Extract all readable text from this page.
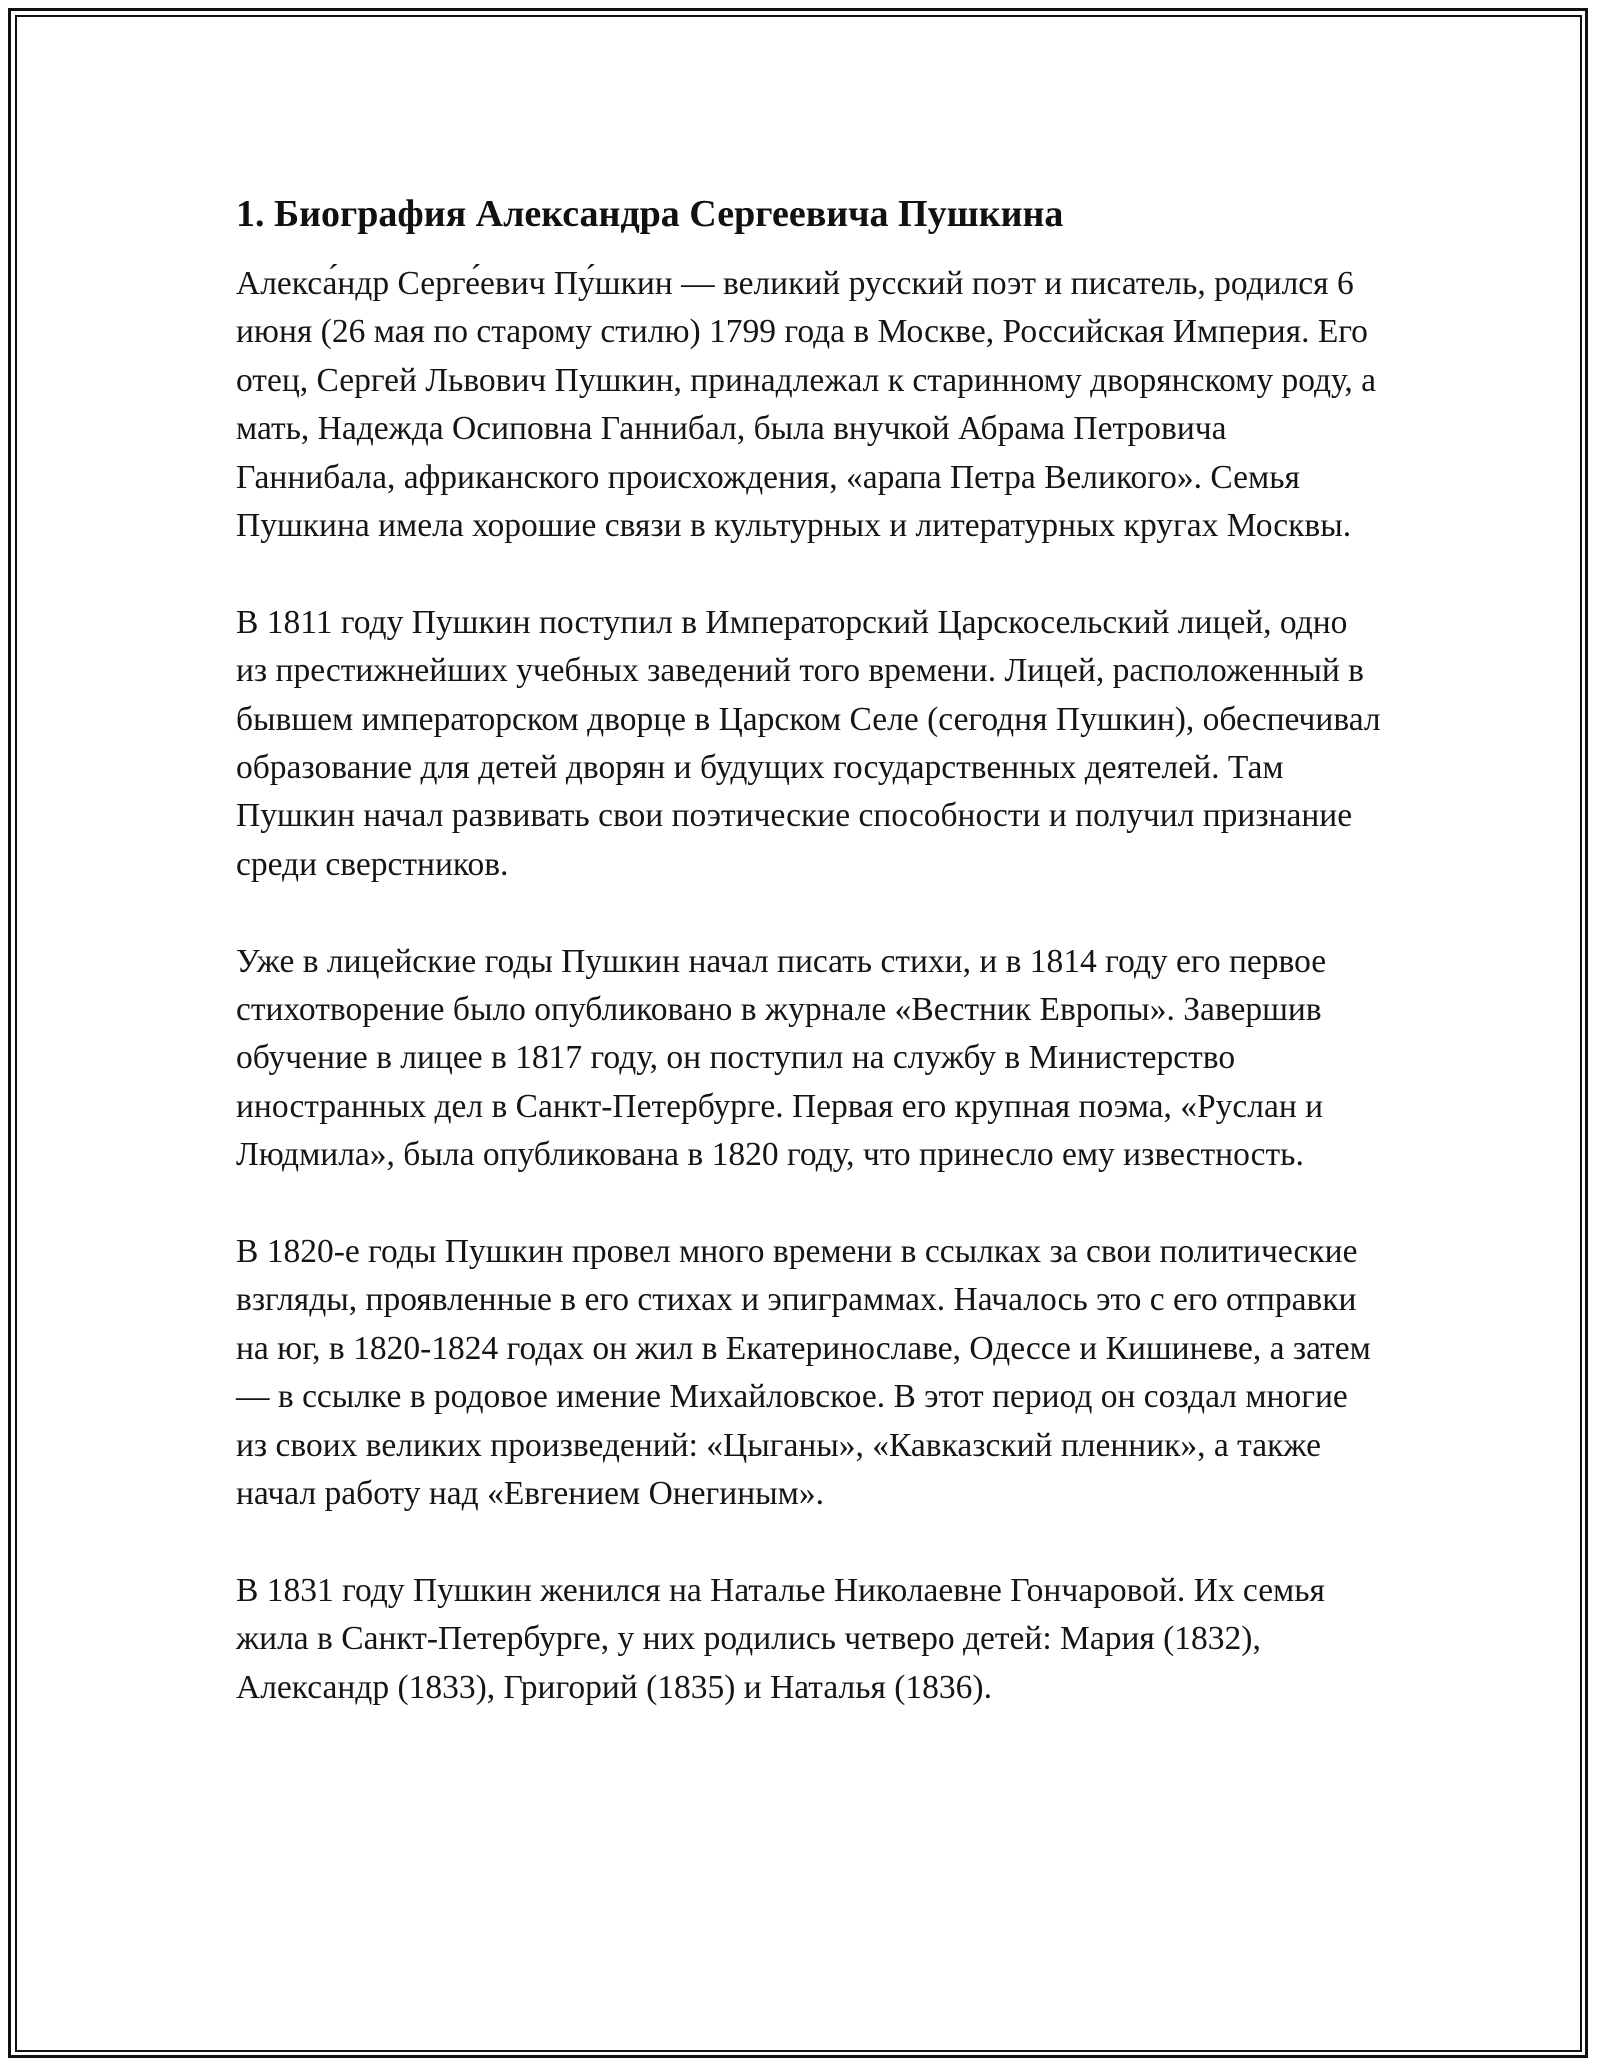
1. Биография Александра Сергеевича Пушкина

Алекса́ндр Серге́евич Пу́шкин — великий русский поэт и писатель, родился 6 июня (26 мая по старому стилю) 1799 года в Москве, Российская Империя. Его отец, Сергей Львович Пушкин, принадлежал к старинному дворянскому роду, а мать, Надежда Осиповна Ганнибал, была внучкой Абрама Петровича Ганнибала, африканского происхождения, «арапа Петра Великого». Семья Пушкина имела хорошие связи в культурных и литературных кругах Москвы.

В 1811 году Пушкин поступил в Императорский Царскосельский лицей, одно из престижнейших учебных заведений того времени. Лицей, расположенный в бывшем императорском дворце в Царском Селе (сегодня Пушкин), обеспечивал образование для детей дворян и будущих государственных деятелей. Там Пушкин начал развивать свои поэтические способности и получил признание среди сверстников.

Уже в лицейские годы Пушкин начал писать стихи, и в 1814 году его первое стихотворение было опубликовано в журнале «Вестник Европы». Завершив обучение в лицее в 1817 году, он поступил на службу в Министерство иностранных дел в Санкт-Петербурге. Первая его крупная поэма, «Руслан и Людмила», была опубликована в 1820 году, что принесло ему известность.

В 1820-е годы Пушкин провел много времени в ссылках за свои политические взгляды, проявленные в его стихах и эпиграммах. Началось это с его отправки на юг, в 1820-1824 годах он жил в Екатеринославе, Одессе и Кишиневе, а затем — в ссылке в родовое имение Михайловское. В этот период он создал многие из своих великих произведений: «Цыганы», «Кавказский пленник», а также начал работу над «Евгением Онегиным».

В 1831 году Пушкин женился на Наталье Николаевне Гончаровой. Их семья жила в Санкт-Петербурге, у них родились четверо детей: Мария (1832), Александр (1833), Григорий (1835) и Наталья (1836).
